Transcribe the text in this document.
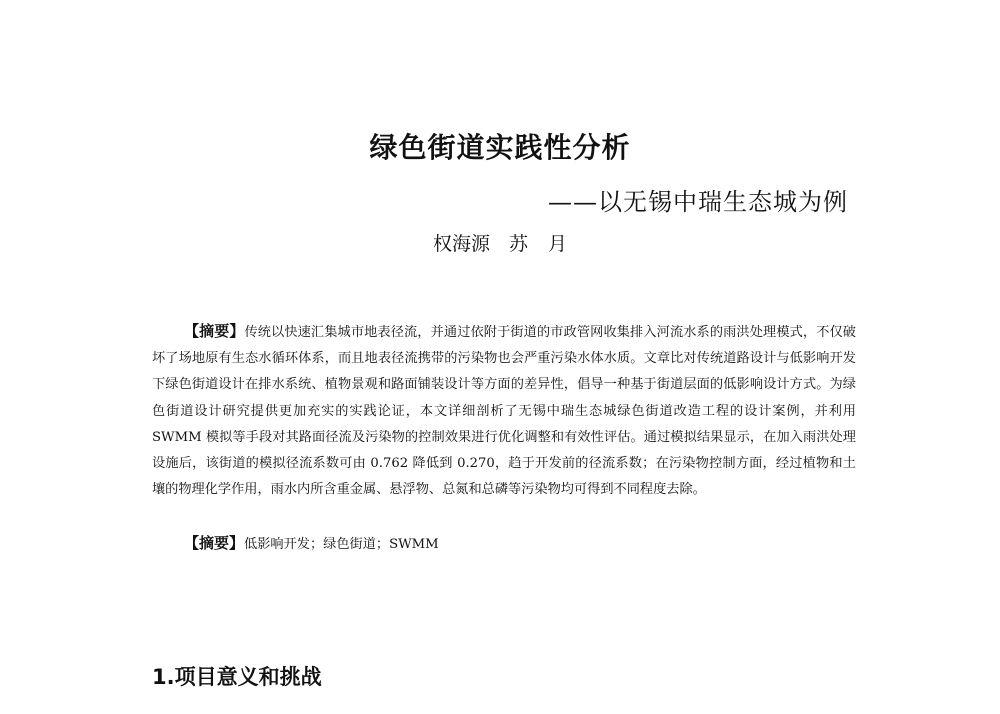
绿色街道实践性分析
——以无锡中瑞生态城为例
权海源　苏 月
【摘要】传统以快速汇集城市地表径流，并通过依附于街道的市政管网收集排入河流水系的雨洪处理模式，不仅破坏了场地原有生态水循环体系，而且地表径流携带的污染物也会严重污染水体水质。文章比对传统道路设计与低影响开发下绿色街道设计在排水系统、植物景观和路面铺装设计等方面的差异性，倡导一种基于街道层面的低影响设计方式。为绿色街道设计研究提供更加充实的实践论证，本文详细剖析了无锡中瑞生态城绿色街道改造工程的设计案例，并利用 SWMM 模拟等手段对其路面径流及污染物的控制效果进行优化调整和有效性评估。通过模拟结果显示，在加入雨洪处理设施后，该街道的模拟径流系数可由 0.762 降低到 0.270，趋于开发前的径流系数；在污染物控制方面，经过植物和土壤的物理化学作用，雨水内所含重金属、悬浮物、总氮和总磷等污染物均可得到不同程度去除。
【摘要】低影响开发；绿色街道；SWMM
1.项目意义和挑战
